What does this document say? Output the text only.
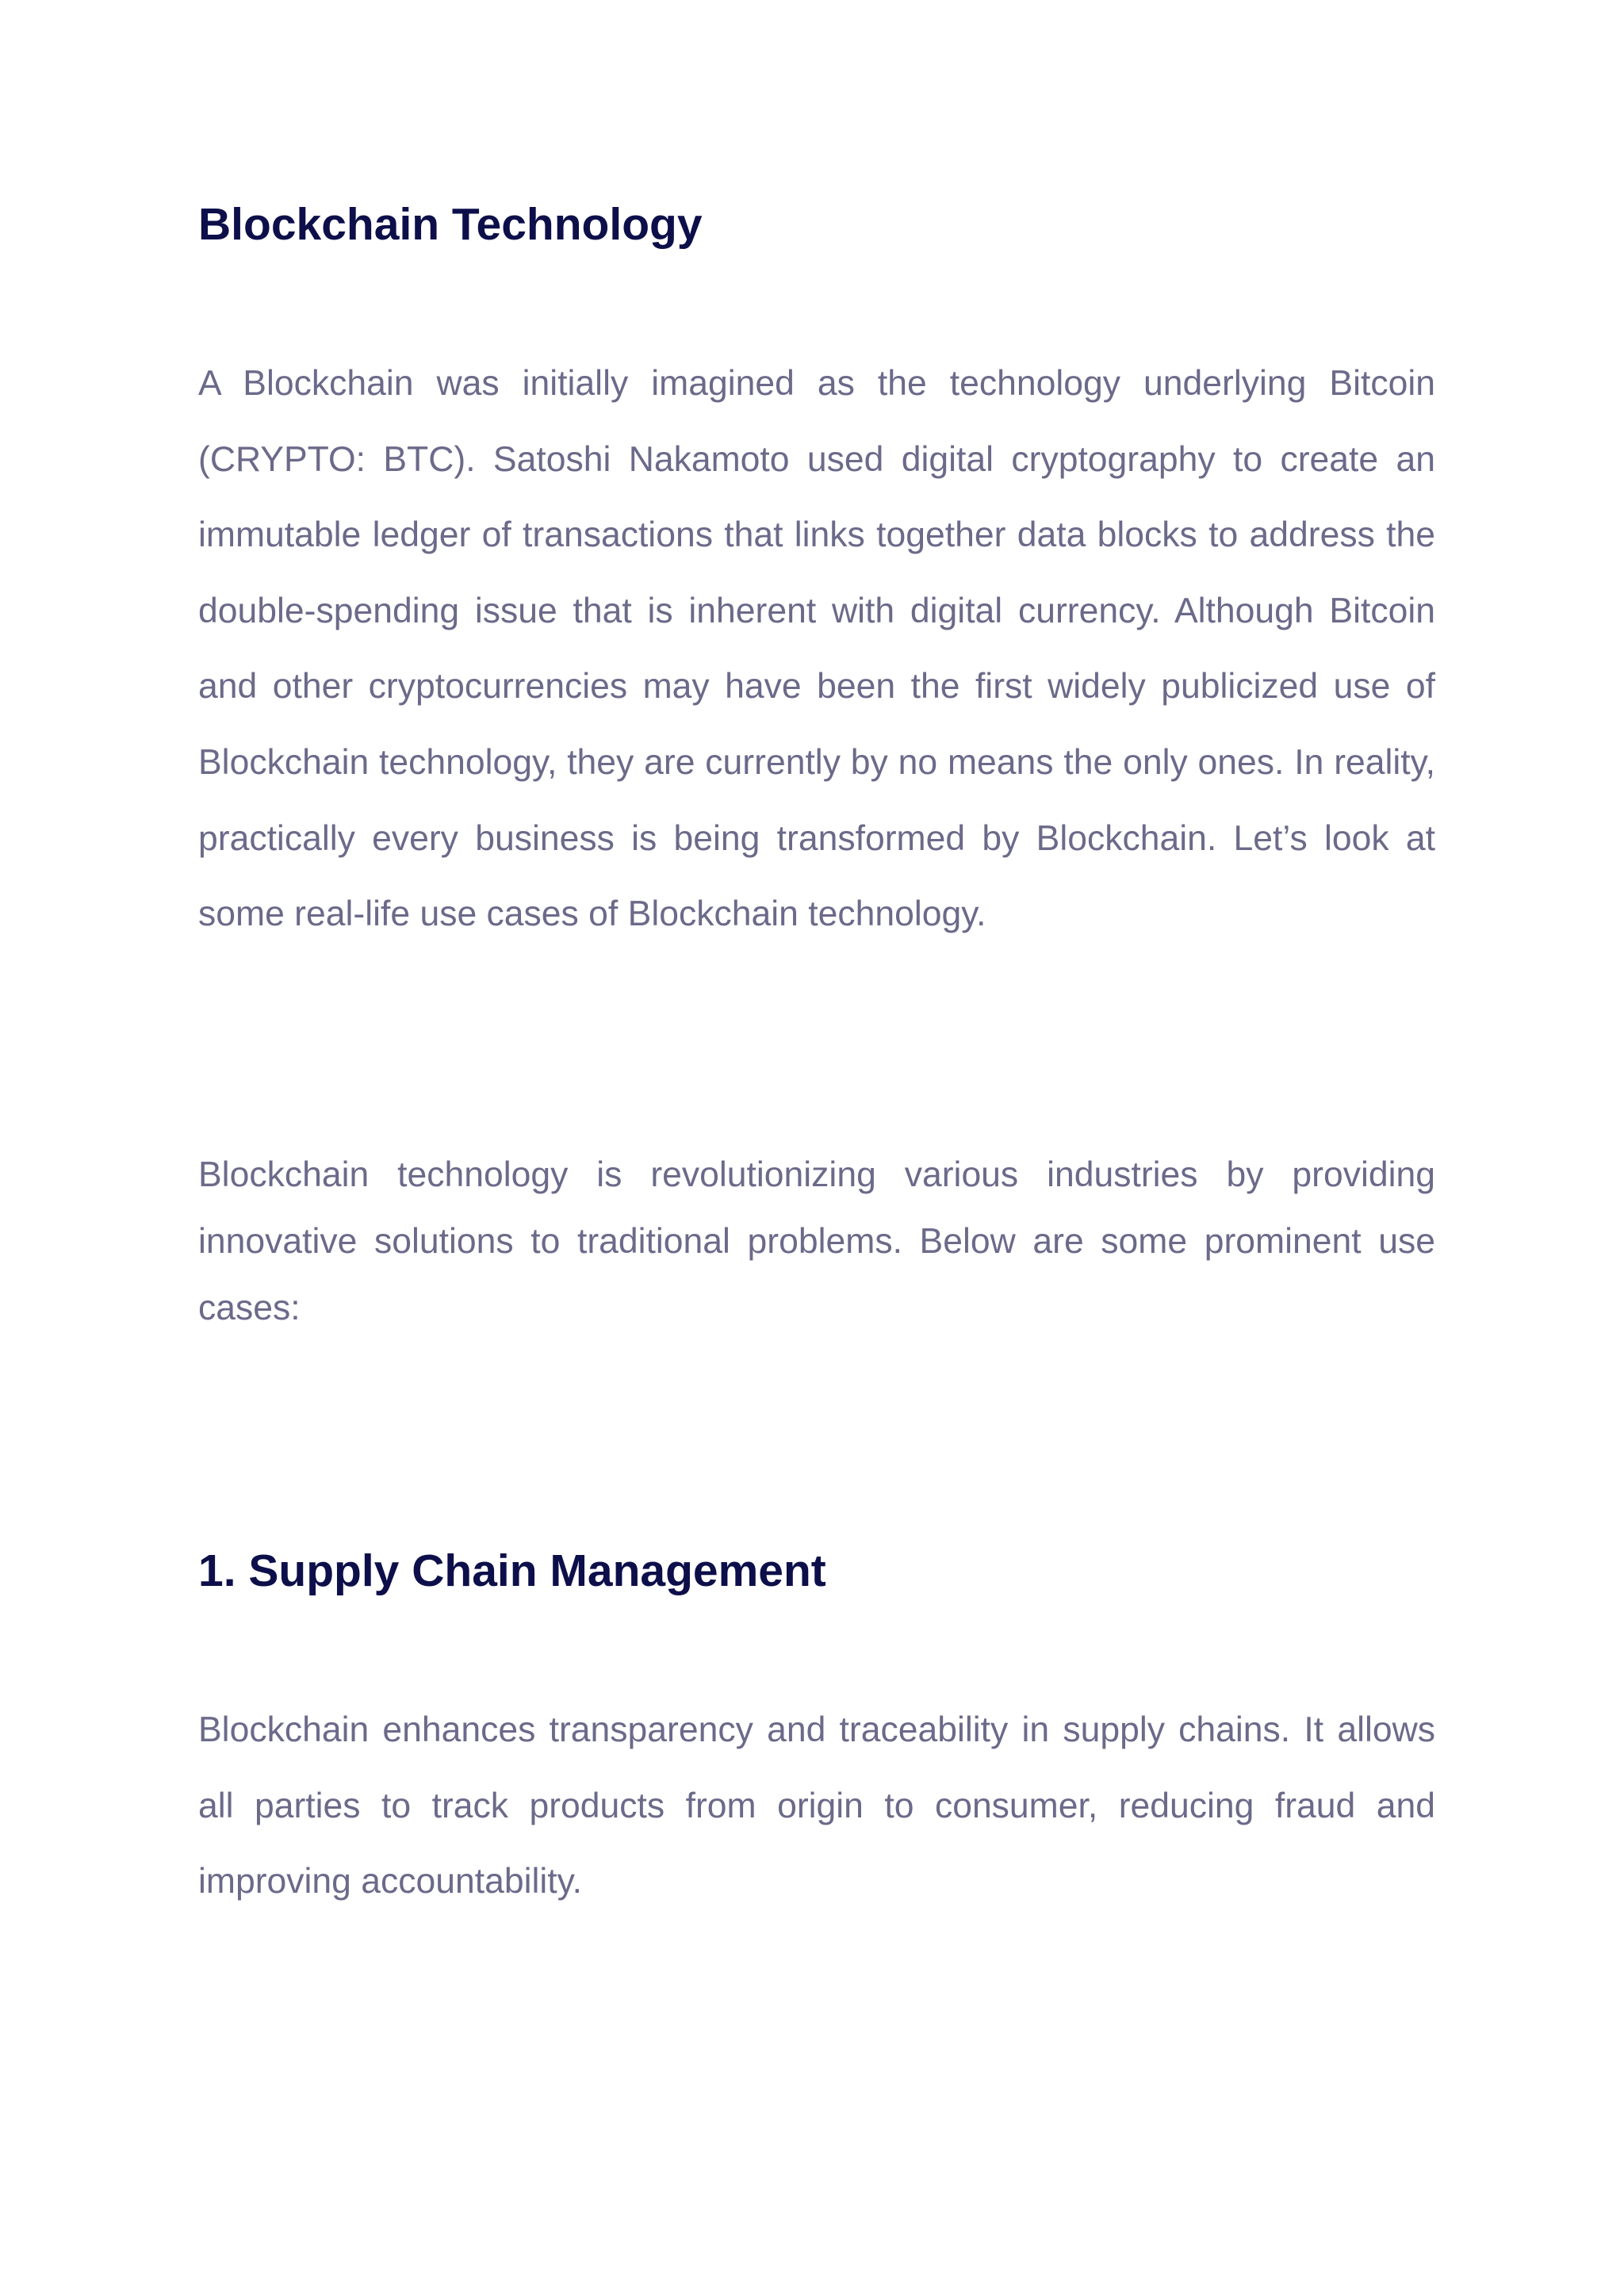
Blockchain Technology

A Blockchain was initially imagined as the technology underlying Bitcoin (CRYPTO: BTC). Satoshi Nakamoto used digital cryptography to create an immutable ledger of transactions that links together data blocks to address the double-spending issue that is inherent with digital currency. Although Bitcoin and other cryptocurrencies may have been the first widely publicized use of Blockchain technology, they are currently by no means the only ones. In reality, practically every business is being transformed by Blockchain. Let’s look at some real-life use cases of Blockchain technology.

Blockchain technology is revolutionizing various industries by providing innovative solutions to traditional problems. Below are some prominent use cases:

1. Supply Chain Management

Blockchain enhances transparency and traceability in supply chains. It allows all parties to track products from origin to consumer, reducing fraud and improving accountability.
